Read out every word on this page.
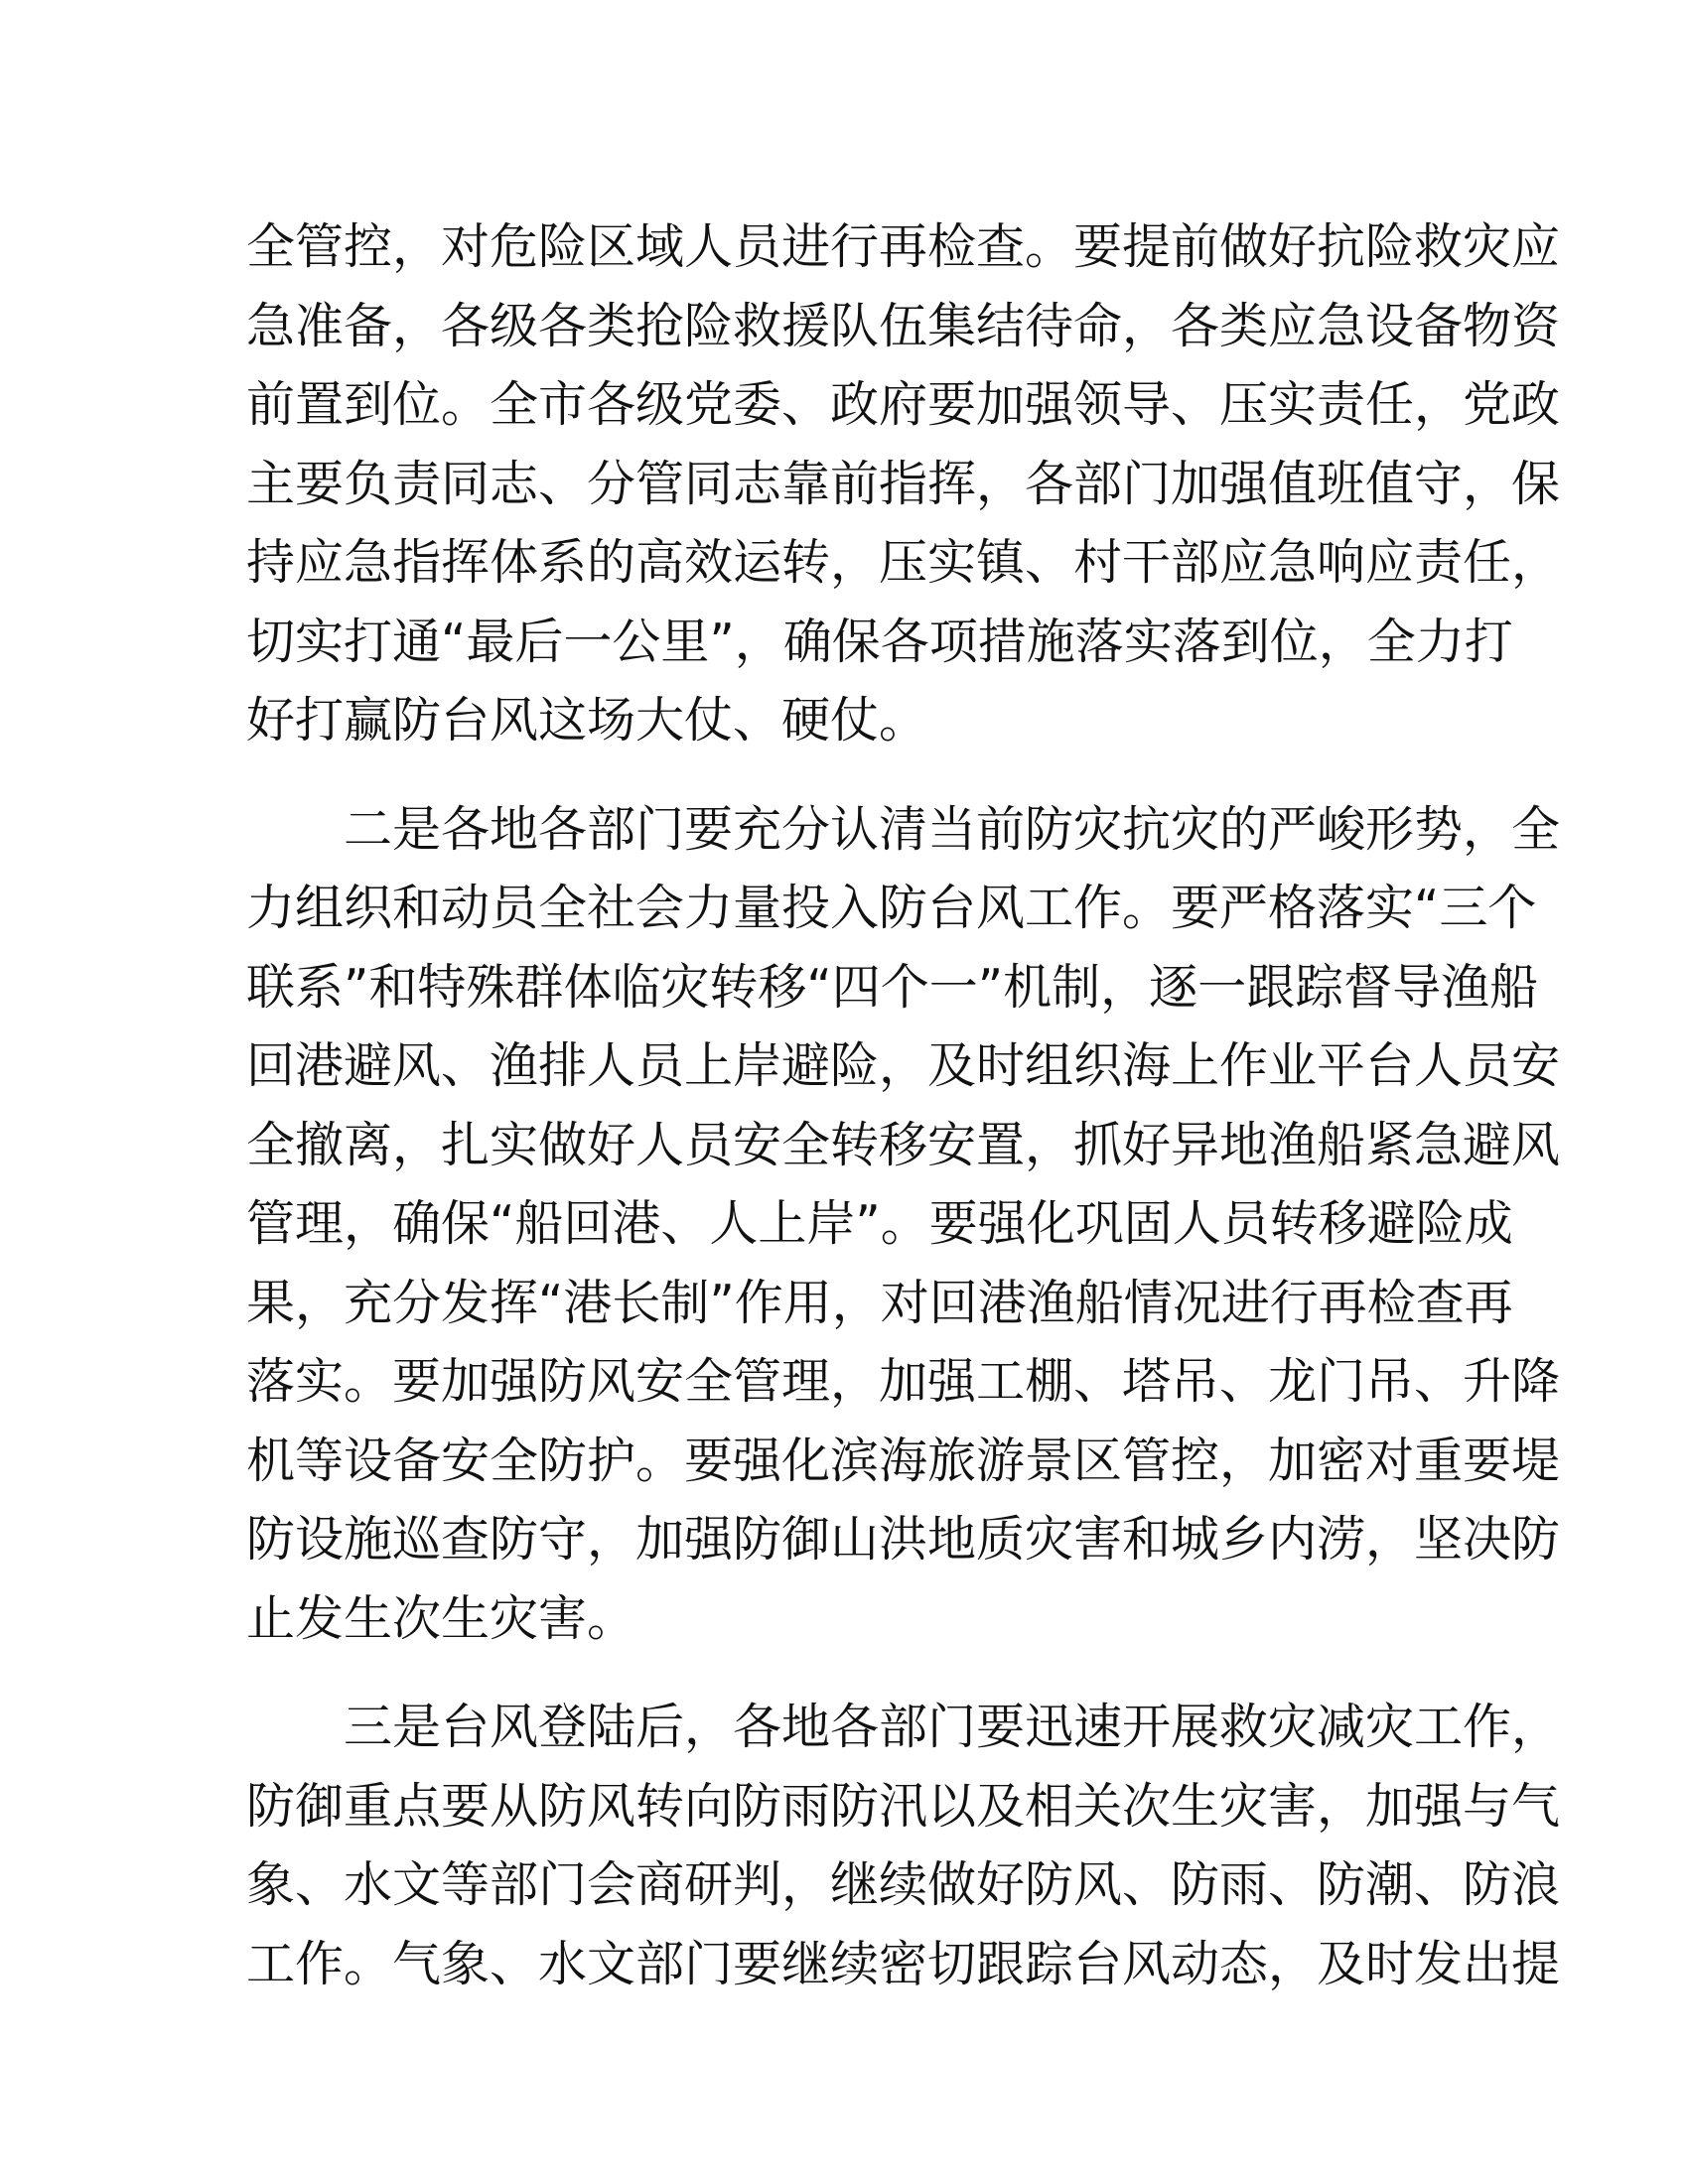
全管控，对危险区域人员进行再检查。要提前做好抗险救灾应
急准备，各级各类抢险救援队伍集结待命，各类应急设备物资
前置到位。全市各级党委、政府要加强领导、压实责任，党政
主要负责同志、分管同志靠前指挥，各部门加强值班值守，保
持应急指挥体系的高效运转，压实镇、村干部应急响应责任，
切实打通“最后一公里”，确保各项措施落实落到位，全力打
好打赢防台风这场大仗、硬仗。

　　二是各地各部门要充分认清当前防灾抗灾的严峻形势，全
力组织和动员全社会力量投入防台风工作。要严格落实“三个
联系”和特殊群体临灾转移“四个一”机制，逐一跟踪督导渔船
回港避风、渔排人员上岸避险，及时组织海上作业平台人员安
全撤离，扎实做好人员安全转移安置，抓好异地渔船紧急避风
管理，确保“船回港、人上岸”。要强化巩固人员转移避险成
果，充分发挥“港长制”作用，对回港渔船情况进行再检查再
落实。要加强防风安全管理，加强工棚、塔吊、龙门吊、升降
机等设备安全防护。要强化滨海旅游景区管控，加密对重要堤
防设施巡查防守，加强防御山洪地质灾害和城乡内涝，坚决防
止发生次生灾害。

　　三是台风登陆后，各地各部门要迅速开展救灾减灾工作，
防御重点要从防风转向防雨防汛以及相关次生灾害，加强与气
象、水文等部门会商研判，继续做好防风、防雨、防潮、防浪
工作。气象、水文部门要继续密切跟踪台风动态，及时发出提
